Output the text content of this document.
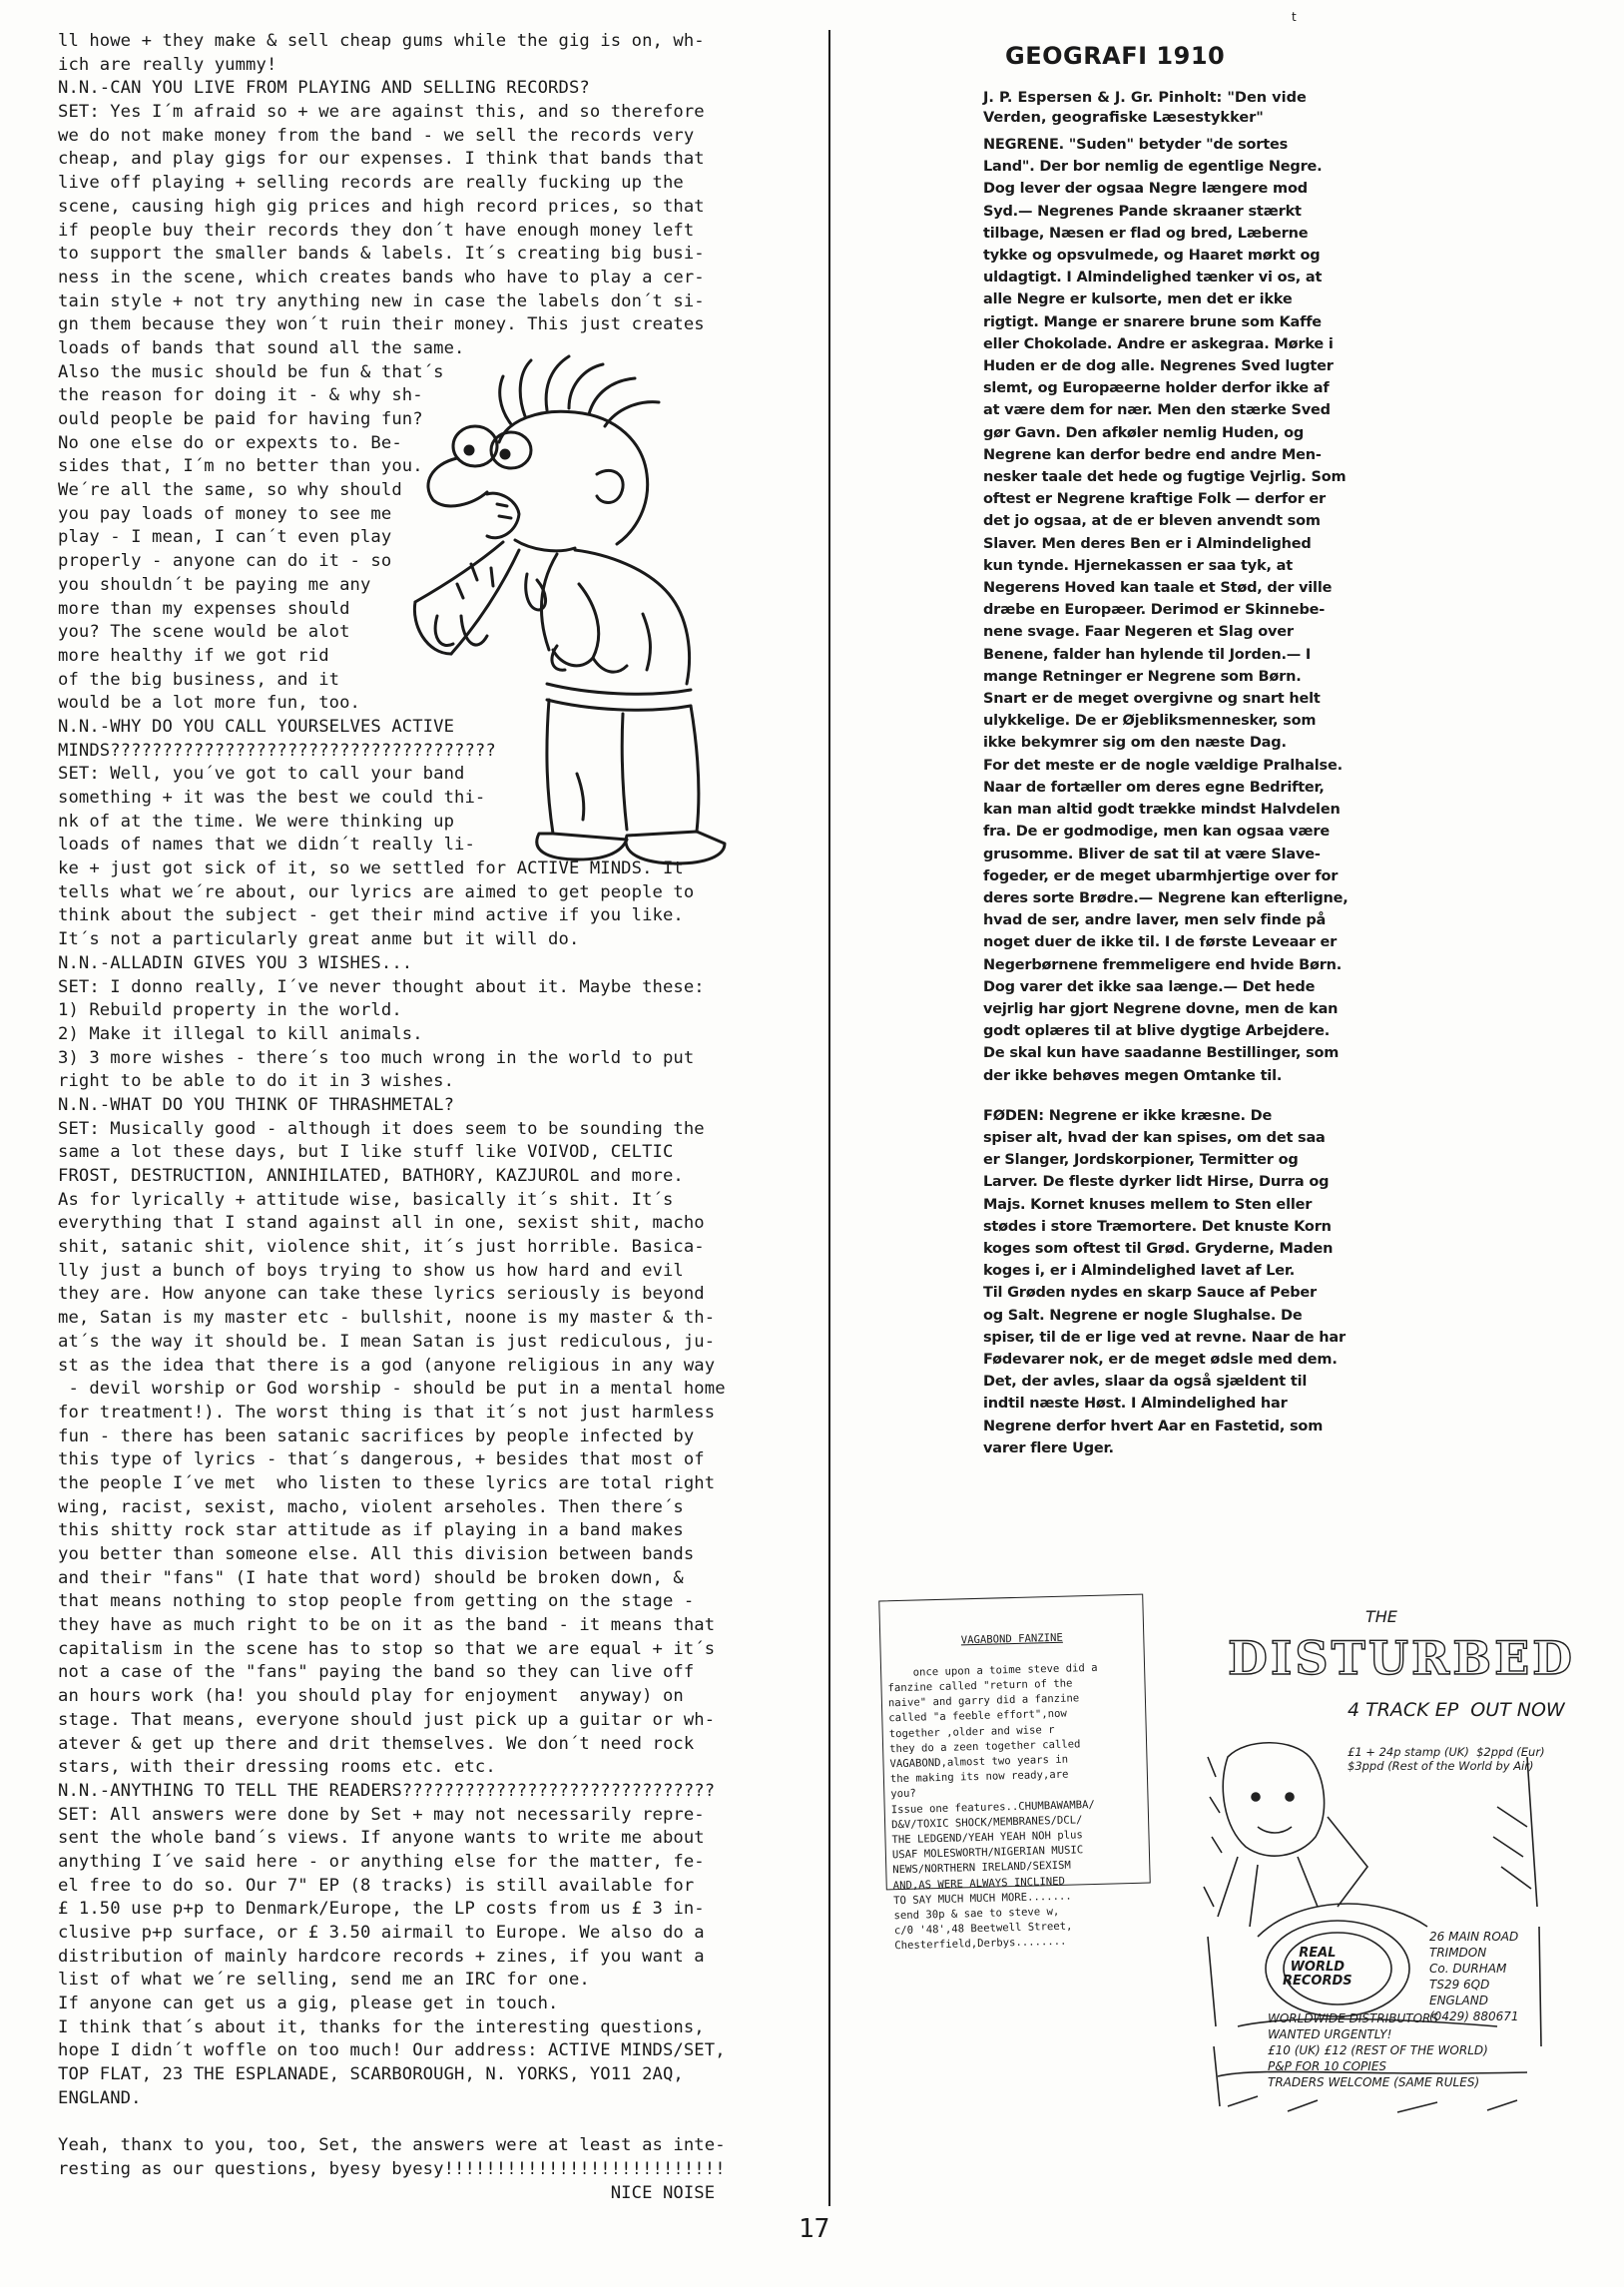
t
ll howe + they make & sell cheap gums while the gig is on, wh-
ich are really yummy!
N.N.-CAN YOU LIVE FROM PLAYING AND SELLING RECORDS?
SET: Yes I´m afraid so + we are against this, and so therefore
we do not make money from the band - we sell the records very
cheap, and play gigs for our expenses. I think that bands that
live off playing + selling records are really fucking up the
scene, causing high gig prices and high record prices, so that
if people buy their records they don´t have enough money left
to support the smaller bands & labels. It´s creating big busi-
ness in the scene, which creates bands who have to play a cer-
tain style + not try anything new in case the labels don´t si-
gn them because they won´t ruin their money. This just creates
loads of bands that sound all the same.
Also the music should be fun & that´s
the reason for doing it - & why sh-
ould people be paid for having fun?
No one else do or expexts to. Be-
sides that, I´m no better than you.
We´re all the same, so why should
you pay loads of money to see me
play - I mean, I can´t even play
properly - anyone can do it - so
you shouldn´t be paying me any
more than my expenses should
you? The scene would be alot
more healthy if we got rid
of the big business, and it
would be a lot more fun, too.
N.N.-WHY DO YOU CALL YOURSELVES ACTIVE
MINDS?????????????????????????????????????
SET: Well, you´ve got to call your band
something + it was the best we could thi-
nk of at the time. We were thinking up
loads of names that we didn´t really li-
ke + just got sick of it, so we settled for ACTIVE MINDS. It
tells what we´re about, our lyrics are aimed to get people to
think about the subject - get their mind active if you like.
It´s not a particularly great anme but it will do.
N.N.-ALLADIN GIVES YOU 3 WISHES...
SET: I donno really, I´ve never thought about it. Maybe these:
1) Rebuild property in the world.
2) Make it illegal to kill animals.
3) 3 more wishes - there´s too much wrong in the world to put
right to be able to do it in 3 wishes.
N.N.-WHAT DO YOU THINK OF THRASHMETAL?
SET: Musically good - although it does seem to be sounding the
same a lot these days, but I like stuff like VOIVOD, CELTIC
FROST, DESTRUCTION, ANNIHILATED, BATHORY, KAZJUROL and more.
As for lyrically + attitude wise, basically it´s shit. It´s
everything that I stand against all in one, sexist shit, macho
shit, satanic shit, violence shit, it´s just horrible. Basica-
lly just a bunch of boys trying to show us how hard and evil
they are. How anyone can take these lyrics seriously is beyond
me, Satan is my master etc - bullshit, noone is my master & th-
at´s the way it should be. I mean Satan is just rediculous, ju-
st as the idea that there is a god (anyone religious in any way
- devil worship or God worship - should be put in a mental home
for treatment!). The worst thing is that it´s not just harmless
fun - there has been satanic sacrifices by people infected by
this type of lyrics - that´s dangerous, + besides that most of
the people I´ve met  who listen to these lyrics are total right
wing, racist, sexist, macho, violent arseholes. Then there´s
this shitty rock star attitude as if playing in a band makes
you better than someone else. All this division between bands
and their "fans" (I hate that word) should be broken down, &
that means nothing to stop people from getting on the stage -
they have as much right to be on it as the band - it means that
capitalism in the scene has to stop so that we are equal + it´s
not a case of the "fans" paying the band so they can live off
an hours work (ha! you should play for enjoyment  anyway) on
stage. That means, everyone should just pick up a guitar or wh-
atever & get up there and drit themselves. We don´t need rock
stars, with their dressing rooms etc. etc.
N.N.-ANYTHING TO TELL THE READERS??????????????????????????????
SET: All answers were done by Set + may not necessarily repre-
sent the whole band´s views. If anyone wants to write me about
anything I´ve said here - or anything else for the matter, fe-
el free to do so. Our 7" EP (8 tracks) is still available for
£ 1.50 use p+p to Denmark/Europe, the LP costs from us £ 3 in-
clusive p+p surface, or £ 3.50 airmail to Europe. We also do a
distribution of mainly hardcore records + zines, if you want a
list of what we´re selling, send me an IRC for one.
If anyone can get us a gig, please get in touch.
I think that´s about it, thanks for the interesting questions,
hope I didn´t woffle on too much! Our address: ACTIVE MINDS/SET,
TOP FLAT, 23 THE ESPLANADE, SCARBOROUGH, N. YORKS, YO11 2AQ,
ENGLAND.
Yeah, thanx to you, too, Set, the answers were at least as inte-
resting as our questions, byesy byesy!!!!!!!!!!!!!!!!!!!!!!!!!!!
NICE NOISE
GEOGRAFI 1910
J. P. Espersen & J. Gr. Pinholt: "Den vide
Verden, geografiske Læsestykker"
NEGRENE. "Suden" betyder "de sortes
Land". Der bor nemlig de egentlige Negre.
Dog lever der ogsaa Negre længere mod
Syd.— Negrenes Pande skraaner stærkt
tilbage, Næsen er flad og bred, Læberne
tykke og opsvulmede, og Haaret mørkt og
uldagtigt. I Almindelighed tænker vi os, at
alle Negre er kulsorte, men det er ikke
rigtigt. Mange er snarere brune som Kaffe
eller Chokolade. Andre er askegraa. Mørke i
Huden er de dog alle. Negrenes Sved lugter
slemt, og Europæerne holder derfor ikke af
at være dem for nær. Men den stærke Sved
gør Gavn. Den afkøler nemlig Huden, og
Negrene kan derfor bedre end andre Men-
nesker taale det hede og fugtige Vejrlig. Som
oftest er Negrene kraftige Folk — derfor er
det jo ogsaa, at de er bleven anvendt som
Slaver. Men deres Ben er i Almindelighed
kun tynde. Hjernekassen er saa tyk, at
Negerens Hoved kan taale et Stød, der ville
dræbe en Europæer. Derimod er Skinnebe-
nene svage. Faar Negeren et Slag over
Benene, falder han hylende til Jorden.— I
mange Retninger er Negrene som Børn.
Snart er de meget overgivne og snart helt
ulykkelige. De er Øjebliksmennesker, som
ikke bekymrer sig om den næste Dag.
For det meste er de nogle vældige Pralhalse.
Naar de fortæller om deres egne Bedrifter,
kan man altid godt trække mindst Halvdelen
fra. De er godmodige, men kan ogsaa være
grusomme. Bliver de sat til at være Slave-
fogeder, er de meget ubarmhjertige over for
deres sorte Brødre.— Negrene kan efterligne,
hvad de ser, andre laver, men selv finde på
noget duer de ikke til. I de første Leveaar er
Negerbørnene fremmeligere end hvide Børn.
Dog varer det ikke saa længe.— Det hede
vejrlig har gjort Negrene dovne, men de kan
godt oplæres til at blive dygtige Arbejdere.
De skal kun have saadanne Bestillinger, som
der ikke behøves megen Omtanke til.
FØDEN: Negrene er ikke kræsne. De
spiser alt, hvad der kan spises, om det saa
er Slanger, Jordskorpioner, Termitter og
Larver. De fleste dyrker lidt Hirse, Durra og
Majs. Kornet knuses mellem to Sten eller
stødes i store Træmortere. Det knuste Korn
koges som oftest til Grød. Gryderne, Maden
koges i, er i Almindelighed lavet af Ler.
Til Grøden nydes en skarp Sauce af Peber
og Salt. Negrene er nogle Slughalse. De
spiser, til de er lige ved at revne. Naar de har
Fødevarer nok, er de meget ødsle med dem.
Det, der avles, slaar da også sjældent til
indtil næste Høst. I Almindelighed har
Negrene derfor hvert Aar en Fastetid, som
varer flere Uger.

VAGABOND FANZINE

once upon a toime steve did a
fanzine called "return of the
naive" and garry did a fanzine
called "a feeble effort",now
together ,older and wise r
they do a zeen together called
VAGABOND,almost two years in
the making its now ready,are
you?
Issue one features..CHUMBAWAMBA/
D&V/TOXIC SHOCK/MEMBRANES/DCL/
THE LEDGEND/YEAH YEAH NOH plus
USAF MOLESWORTH/NIGERIAN MUSIC
NEWS/NORTHERN IRELAND/SEXISM
AND,AS WERE ALWAYS INCLINED
TO SAY MUCH MUCH MORE.......
send 30p & sae to steve w,
c/0 '48',48 Beetwell Street,
Chesterfield,Derbys........

THE
DISTURBED
4 TRACK EP  OUT NOW
£1 + 24p stamp (UK)  $2ppd (Eur)
$3ppd (Rest of the World by Air)
REAL
WORLD
RECORDS
26 MAIN ROAD
TRIMDON
Co. DURHAM
TS29 6QD
ENGLAND
(0429) 880671
WORLDWIDE DISTRIBUTORS
WANTED URGENTLY!
£10 (UK) £12 (REST OF THE WORLD)
P&P FOR 10 COPIES
TRADERS WELCOME (SAME RULES)
17
